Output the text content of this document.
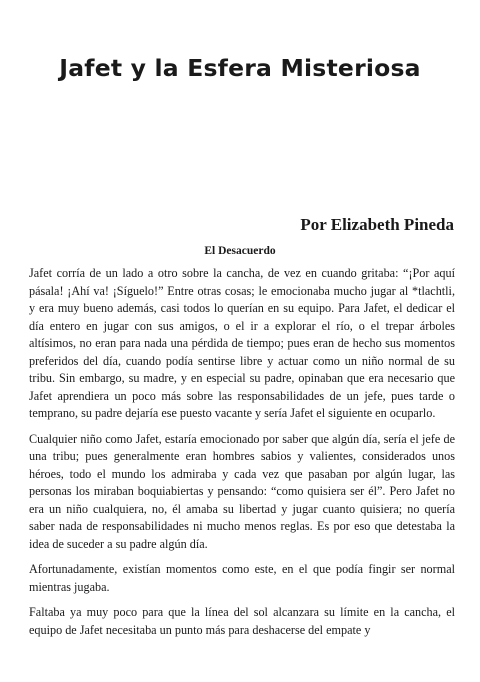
Jafet y la Esfera Misteriosa
Por Elizabeth Pineda
El Desacuerdo

Jafet corría de un lado a otro sobre la cancha, de vez en cuando gritaba: “¡Por aquí pásala! ¡Ahí va! ¡Síguelo!” Entre otras cosas; le emocionaba mucho jugar al *tlachtli, y era muy bueno además, casi todos lo querían en su equipo. Para Jafet, el dedicar el día entero en jugar con sus amigos, o el ir a explorar el río, o el trepar árboles altísimos, no eran para nada una pérdida de tiempo; pues eran de hecho sus momentos preferidos del día, cuando podía sentirse libre y actuar como un niño normal de su tribu. Sin embargo, su madre, y en especial su padre, opinaban que era necesario que Jafet aprendiera un poco más sobre las responsabilidades de un jefe, pues tarde o temprano, su padre dejaría ese puesto vacante y sería Jafet el siguiente en ocuparlo.

Cualquier niño como Jafet, estaría emocionado por saber que algún día, sería el jefe de una tribu; pues generalmente eran hombres sabios y valientes, considerados unos héroes, todo el mundo los admiraba y cada vez que pasaban por algún lugar, las personas los miraban boquiabiertas y pensando: “como quisiera ser él”. Pero Jafet no era un niño cualquiera, no, él amaba su libertad y jugar cuanto quisiera; no quería saber nada de responsabilidades ni mucho menos reglas. Es por eso que detestaba la idea de suceder a su padre algún día.

Afortunadamente, existían momentos como este, en el que podía fingir ser normal mientras jugaba.

Faltaba ya muy poco para que la línea del sol alcanzara su límite en la cancha, el equipo de Jafet necesitaba un punto más para deshacerse del empate y
